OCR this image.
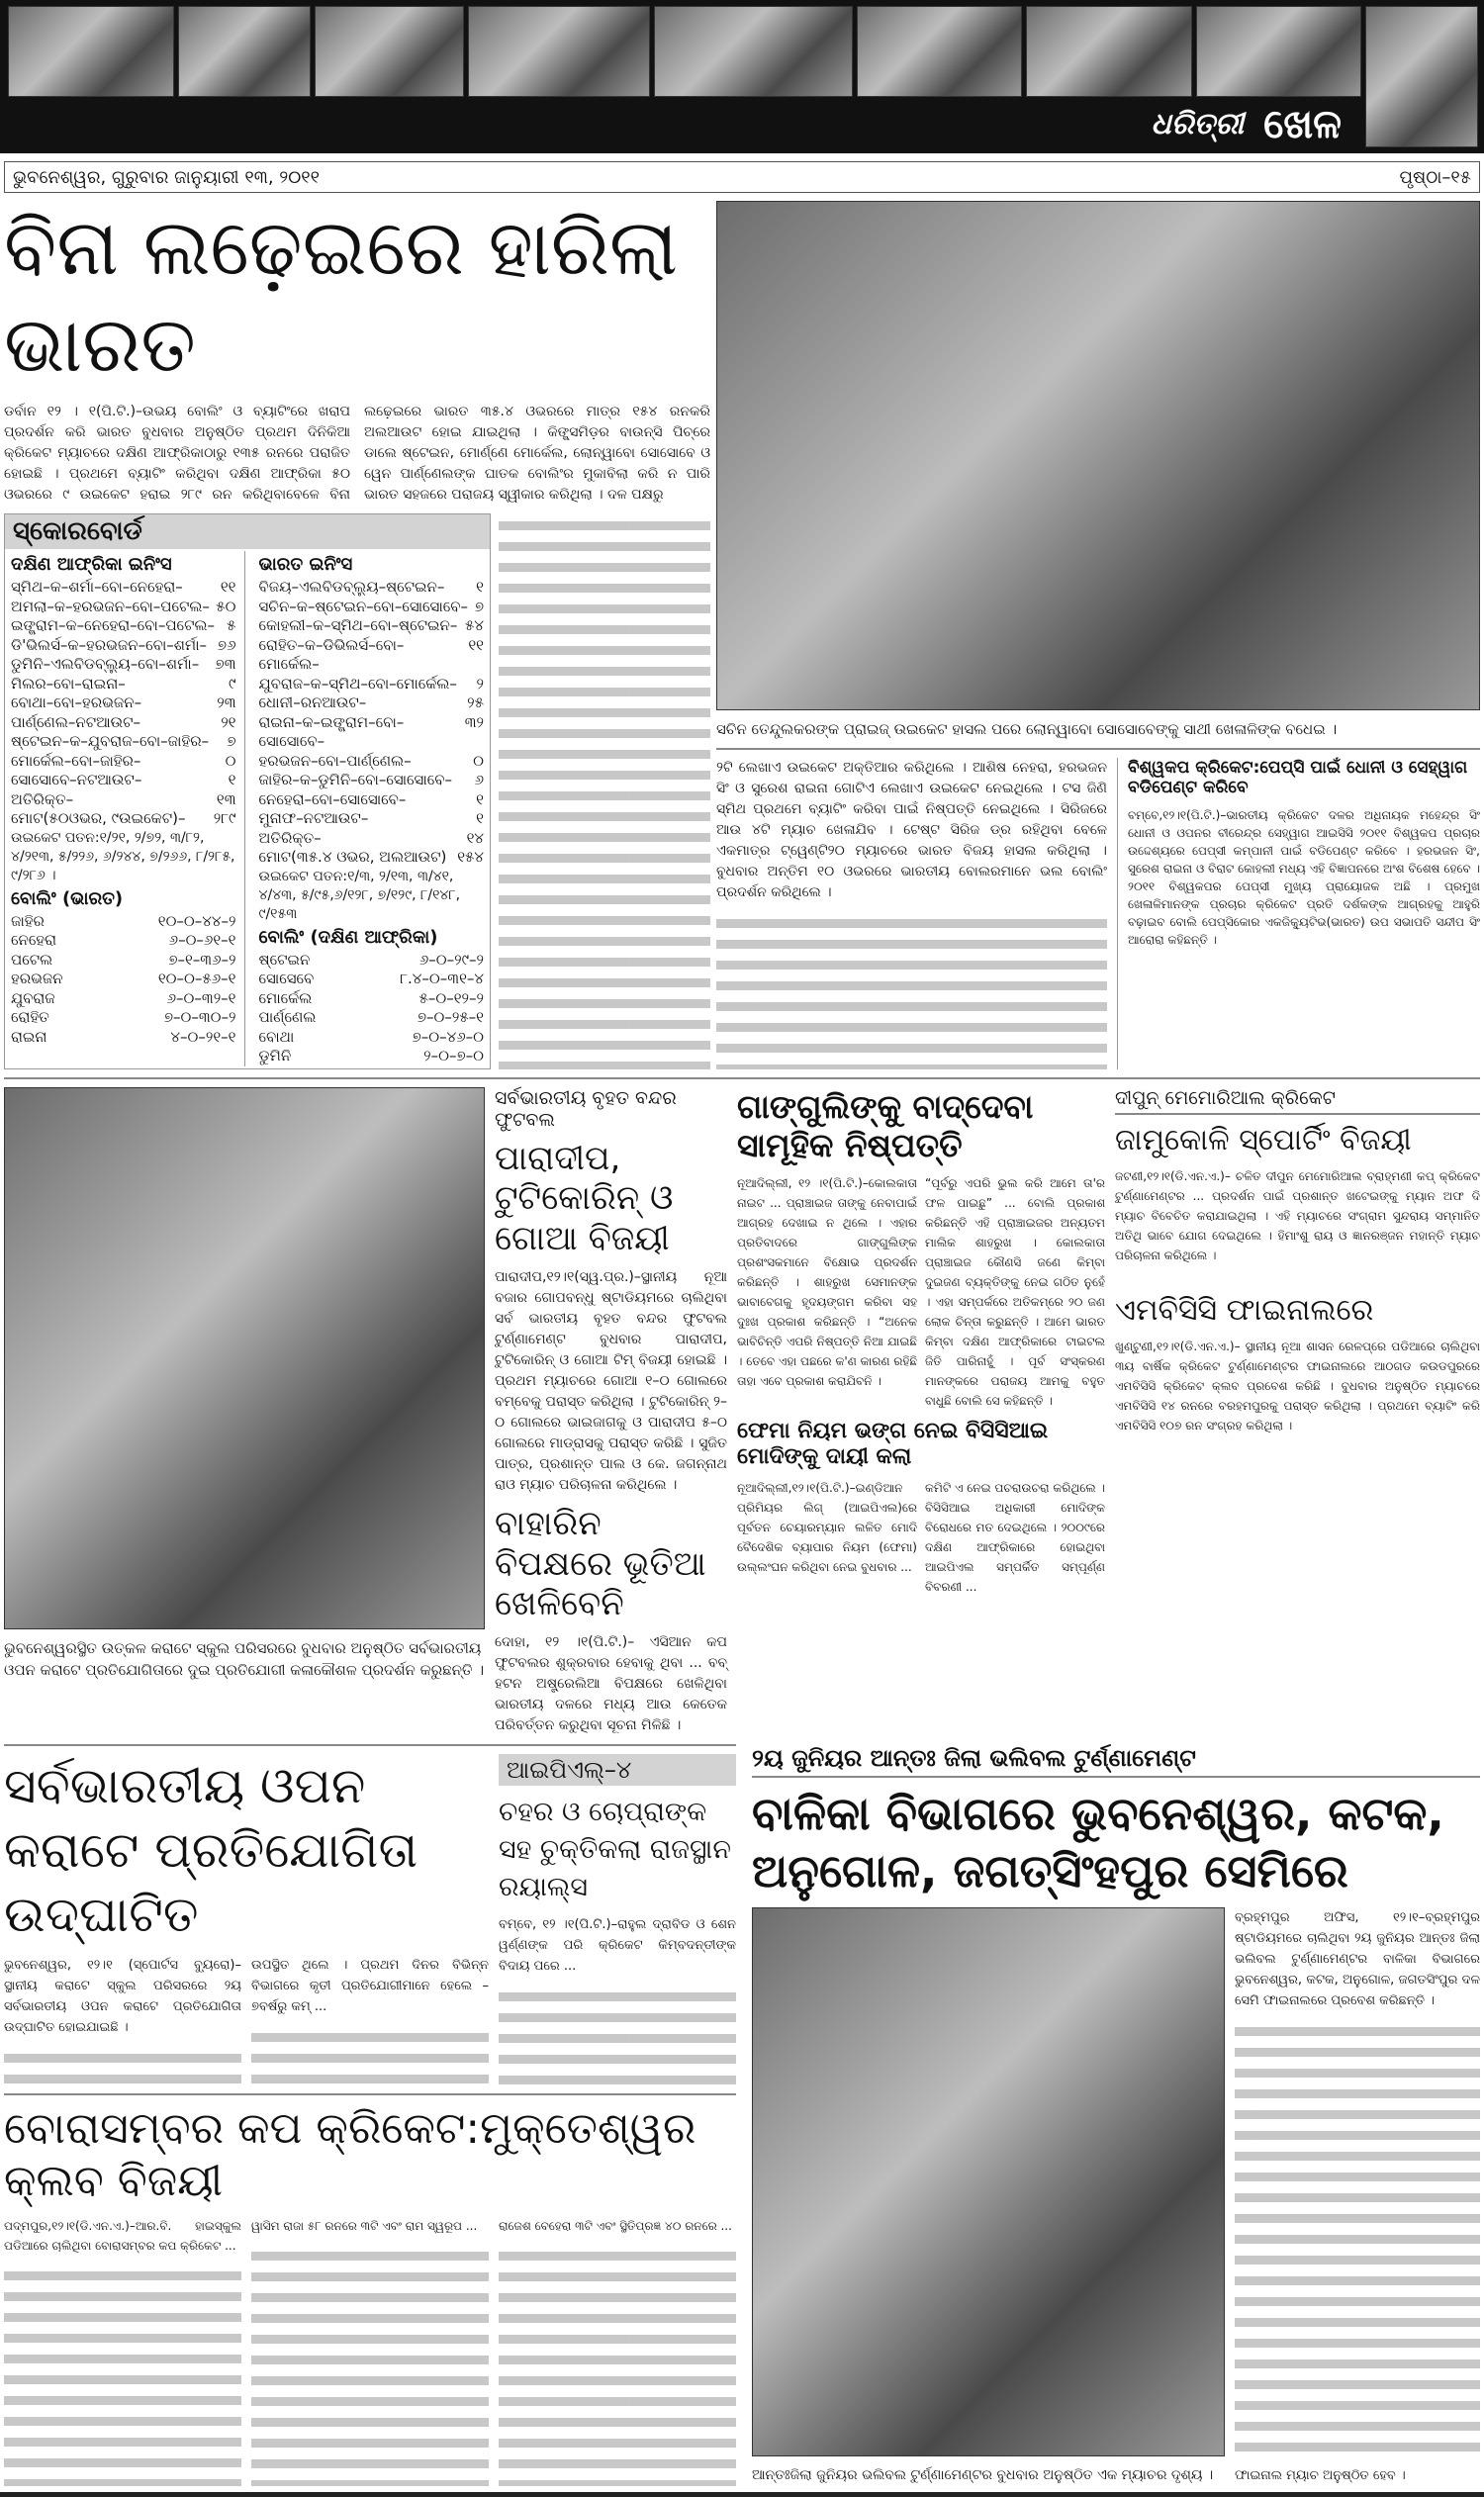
ଧରିତ୍ରୀ ଖେଳ
ଭୁବନେଶ୍ୱର, ଗୁରୁବାର ଜାନୁୟାରୀ ୧୩, ୨୦୧୧	ପୃଷ୍ଠା–୧୫
ବିନା ଲଢ଼େଇରେ ହାରିଲା ଭାରତ
ଡର୍ବାନ ୧୨ । ୧(ପି.ଟି.)–ଉଭୟ ବୋଲିଂ ଓ ବ୍ୟାଟିଂରେ ଖରାପ ପ୍ରଦର୍ଶନ କରି ଭାରତ ବୁଧବାର ଅନୁଷ୍ଠିତ ପ୍ରଥମ ଦିନିକିଆ କ୍ରିକେଟ ମ୍ୟାଚରେ ଦକ୍ଷିଣ ଆଫ୍ରିକାଠାରୁ ୧୩୫ ରନରେ ପରାଜିତ ହୋଇଛି । ପ୍ରଥମେ ବ୍ୟାଟିଂ କରିଥିବା ଦକ୍ଷିଣ ଆଫ୍ରିକା ୫୦ ଓଭରରେ ୯ ଉଇକେଟ ହରାଇ ୨୮୯ ରନ କରିଥିବାବେଳେ ବିନା ଲଢ଼େଇରେ ଭାରତ ୩୫.୪ ଓଭରରେ ମାତ୍ର ୧୫୪ ରନକରି ଅଲଆଉଟ ହୋଇ ଯାଇଥିଲା । କିଙ୍ଗ୍ସମିଡ଼ର ବାଉନ୍ସି ପିଚ୍‌ରେ ଡାଲେ ଷ୍ଟେଇନ, ମୋର୍ଣ୍ଣେ ମୋର୍କେଲ, ଲୋନ୍‌ୱାବୋ ସୋସୋବେ ଓ ୱେନ ପାର୍ଣ୍ଣେଲଙ୍କ ଘାତକ ବୋଲିଂର ମୁକାବିଲା କରି ନ ପାରି ଭାରତ ସହଜରେ ପରାଜୟ ସ୍ୱୀକାର କରିଥିଲା । ଦଳ ପକ୍ଷରୁ
ସ୍କୋରବୋର୍ଡ
ଦକ୍ଷିଣ ଆଫ୍ରିକା ଇନିଂସ
ସ୍ମିଥ–କ–ଶର୍ମା–ବୋ–ନେହେରା–	୧୧
ଅମଲା–କ–ହରଭଜନ–ବୋ–ପଟେଲ– ୫୦
ଇଙ୍ଗ୍ରାମ–କ–ନେହେରା–ବୋ–ପଟେଲ– ୫
ଡି'ଭିଲର୍ସ–କ–ହରଭଜନ–ବୋ–ଶର୍ମା– ୭୬
ଡୁମିନି–ଏଲବିଡବ୍ଲ୍ୟୁ–ବୋ–ଶର୍ମା– ୭୩
ମିଲର–ବୋ–ରାଇନା–	୯
ବୋଥା–ବୋ–ହରଭଜନ–	୨୩
ପାର୍ଣ୍ଣେଲ–ନଟଆଉଟ–	୨୧
ଷ୍ଟେଇନ–କ–ଯୁବରାଜ–ବୋ–ଜାହିର– ୭
ମୋର୍କେଲ–ବୋ–ଜାହିର–	୦
ସୋସୋବେ–ନଟଆଉଟ–	୧
ଅତିରିକ୍ତ–	୧୩
ମୋଟ(୫୦ଓଭର, ୯ଉଇକେଟ)– ୨୮୯
ଉଇକେଟ ପତନ:୧/୨୧, ୨/୭୨, ୩/୮୨, ୪/୨୧୩, ୫/୨୨୬, ୬/୨୪୪, ୭/୨୬୬, ୮/୨୮୫, ୯/୨୮୬ ।
ବୋଲିଂ (ଭାରତ)
ଜାହିର	୧୦–୦–୪୪–୨
ନେହେରା	୬–୦–୬୧–୧
ପଟେଲ	୭–୧–୩୬–୨
ହରଭଜନ	୧୦–୦–୫୬–୧
ଯୁବରାଜ	୬–୦–୩୨–୧
ରୋହିତ	୭–୦–୩୦–୨
ରାଇନା	୪–୦–୨୧–୧
ଭାରତ ଇନିଂସ
ବିଜୟ–ଏଲବିଡବ୍ଲ୍ୟୁ–ଷ୍ଟେଇନ– ୧
ସଚିନ–କ–ଷ୍ଟେଇନ–ବୋ–ସୋସୋବେ– ୭
କୋହଲୀ–କ–ସ୍ମିଥ–ବୋ–ଷ୍ଟେଇନ– ୫୪
ରୋହିତ–କ–ଡିଭିଲର୍ସ–ବୋ–ମୋର୍କେଲ–
୧୧
ଯୁବରାଜ–କ–ସ୍ମିଥ–ବୋ–ମୋର୍କେଲ– ୨
ଧୋନୀ–ରନଆଉଟ–	୨୫
ରାଇନା–କ–ଇଙ୍ଗ୍ରାମ–ବୋ–ସୋସୋବେ–
୩୨
ହରଭଜନ–ବୋ–ପାର୍ଣ୍ଣେଲ–	୦
ଜାହିର–କ–ଡୁମିନି–ବୋ–ସୋସୋବେ– ୬
ନେହେରା–ବୋ–ସୋସୋବେ–	୧
ମୁନାଫ–ନଟଆଉଟ–	୧
ଅତିରିକ୍ତ–	୧୪
ମୋଟ(୩୫.୪ ଓଭର, ଅଲଆଉଟ) ୧୫୪
ଉଇକେଟ ପତନ:୧/୩, ୨/୧୩, ୩/୪୧, ୪/୪୩, ୫/୯୫,୬/୧୨୮, ୭/୧୨୯, ୮/୧୪୮, ୯/୧୫୩
ବୋଲିଂ (ଦକ୍ଷିଣ ଆଫ୍ରିକା)
ଷ୍ଟେଇନ	୬–୦–୨୯–୨
ସୋସେବେ	୮.୪–୦–୩୧–୪
ମୋର୍କେଲ	୫–୦–୧୨–୨
ପାର୍ଣ୍ଣେଲ	୭–୦–୨୫–୧
ବୋଥା	୭–୦–୪୬–୦
ଡୁମିନି	୨–୦–୭–୦
ସଚିନ ତେନ୍ଦୁଲକରଙ୍କ ପ୍ରାଇଜ୍ ଉଇକେଟ ହାସଲ ପରେ ଲୋନ୍‌ୱାବୋ ସୋସୋବେଙ୍କୁ ସାଥୀ ଖେଳାଳିଙ୍କ ବଧେଇ ।
୨ଟି ଲେଖାଏ ଉଇକେଟ ଅକ୍ତିଆର କରିଥିଲେ । ଆଶିଷ ନେହରା, ହରଭଜନ ସିଂ ଓ ସୁରେଶ ରାଇନା ଗୋଟିଏ ଲେଖାଏ ଉଇକେଟ ନେଇଥିଲେ । ଟସ ଜିଣି ସ୍ମିଥ ପ୍ରଥମେ ବ୍ୟାଟିଂ କରିବା ପାଇଁ ନିଷ୍ପତ୍ତି ନେଇଥିଲେ । ସିରିଜରେ ଆଉ ୪ଟି ମ୍ୟାଚ ଖେଳାଯିବ । ଟେଷ୍ଟ ସିରିଜ ଡ୍ର ରହିଥିବା ବେଳେ ଏକମାତ୍ର ଟ୍ୱେଣ୍ଟି୨୦ ମ୍ୟାଚରେ ଭାରତ ବିଜୟ ହାସଲ କରିଥିଲା । ବୁଧବାର ଅନ୍ତିମ ୧୦ ଓଭରରେ ଭାରତୀୟ ବୋଲରମାନେ ଭଲ ବୋଲିଂ ପ୍ରଦର୍ଶନ କରିଥିଲେ ।
ବିଶ୍ୱକପ କ୍ରିକେଟ:ପେପ୍‌ସି ପାଇଁ ଧୋନୀ ଓ ସେହ୍ୱାଗ ବଡିପେଣ୍ଟ କରିବେ
ବମ୍ବେ,୧୨।୧(ପି.ଟି.)–ଭାରତୀୟ କ୍ରିକେଟ ଦଳର ଅଧିନାୟକ ମହେନ୍ଦ୍ର ସିଂ ଧୋନୀ ଓ ଓପନର ବୀରେନ୍ଦ୍ର ସେହ୍ୱାଗ ଆଇସିସି ୨୦୧୧ ବିଶ୍ୱକପ ପ୍ରଚାର ଉଦ୍ଦେଶ୍ୟରେ ପେପ୍‌ସୀ କମ୍ପାନୀ ପାଇଁ ବଡିପେଣ୍ଟ କରିବେ । ହରଭଜନ ସିଂ, ସୁରେଶ ରାଇନା ଓ ବିରାଟ କୋହଲୀ ମଧ୍ୟ ଏହି ବିଜ୍ଞାପନରେ ଅଂଶ ବିଶେଷ ହେବେ । ୨୦୧୧ ବିଶ୍ୱକପର ପେପ୍‌ସୀ ମୁଖ୍ୟ ପ୍ରାୟୋଜକ ଅଛି । ପ୍ରମୁଖ ଖେଳାଳିମାନଙ୍କ ପ୍ରଚାର କ୍ରିକେଟ ପ୍ରତି ଦର୍ଶକଙ୍କ ଆଗ୍ରହକୁ ଆହୁରି ବଢ଼ାଇବ ବୋଲି ପେପ୍‌ସିକୋର ଏକଜିକ୍ୟୁଟିଭ(ଭାରତ) ଉପ ସଭାପତି ସନ୍ଦୀପ ସିଂ ଆରୋରା କହିଛନ୍ତି ।
ଭୁବନେଶ୍ୱରସ୍ଥିତ ଉତ୍କଳ କରାଟେ ସ୍କୁଲ ପରିସରରେ ବୁଧବାର ଅନୁଷ୍ଠିତ ସର୍ବଭାରତୀୟ ଓପନ କରାଟେ ପ୍ରତିଯୋଗିତାରେ ଦୁଇ ପ୍ରତିଯୋଗୀ କଳାକୌଶଳ ପ୍ରଦର୍ଶନ କରୁଛନ୍ତି ।
ସର୍ବଭାରତୀୟ ବୃହତ ବନ୍ଦର ଫୁଟବଲ
ପାରାଦୀପ, ଟୁଟିକୋରିନ୍ ଓ ଗୋଆ ବିଜୟୀ
ପାରାଦୀପ,୧୨।୧(ସ୍ୱ.ପ୍ର.)–ସ୍ଥାନୀୟ ନୂଆ ବଜାର ଗୋପବନ୍ଧୁ ଷ୍ଟାଡିୟମରେ ଚାଲିଥିବା ସର୍ବ ଭାରତୀୟ ବୃହତ ବନ୍ଦର ଫୁଟବଲ ଟୁର୍ଣ୍ଣାମେଣ୍ଟ ବୁଧବାର ପାରାଦୀପ, ଟୁଟିକୋରିନ୍ ଓ ଗୋଆ ଟିମ୍ ବିଜୟୀ ହୋଇଛି । ପ୍ରଥମ ମ୍ୟାଚରେ ଗୋଆ ୧–୦ ଗୋଲରେ ବମ୍ବେକୁ ପରାସ୍ତ କରିଥିଲା । ଟୁଟିକୋରିନ୍ ୨–୦ ଗୋଲରେ ଭାଇଜାଗକୁ ଓ ପାରାଦୀପ ୫–୦ ଗୋଲରେ ମାଡ୍ରାସକୁ ପରାସ୍ତ କରିଛି । ସୁଜିତ ପାତ୍ର, ପ୍ରଶାନ୍ତ ପାଲ ଓ କେ. ଜଗନ୍ନାଥ ରାଓ ମ୍ୟାଚ ପରିଚାଳନା କରିଥିଲେ ।
ବାହାରିନ ବିପକ୍ଷରେ ଭୂତିଆ ଖେଳିବେନି
ଦୋହା, ୧୨ ।୧(ପି.ଟି.)– ଏସିଆନ କପ ଫୁଟବଲର ଶୁକ୍ରବାର ହେବାକୁ ଥିବା ... ବବ୍ ହଟନ ଅଷ୍ଟ୍ରେଲିଆ ବିପକ୍ଷରେ ଖେଳିଥିବା ଭାରତୀୟ ଦଳରେ ମଧ୍ୟ ଆଉ କେତେକ ପରିବର୍ତ୍ତନ କରୁଥିବା ସୂଚନା ମିଳିଛି ।
ଗାଙ୍ଗୁଲିଙ୍କୁ ବାଦ୍‌ଦେବା ସାମୂହିକ ନିଷ୍ପତ୍ତି
ନୂଆଦିଲ୍ଲୀ, ୧୨ ।୧(ପି.ଟି.)–କୋଲକାତା ନାଇଟ ... ପ୍ରାଞ୍ଚାଇଜ ତାଙ୍କୁ ନେବାପାଇଁ ଆଗ୍ରହ ଦେଖାଇ ନ ଥିଲେ । ଏହାର ପ୍ରତିବାଦରେ ଗାଙ୍ଗୁଲିଙ୍କ ପ୍ରଶଂସକମାନେ ବିକ୍ଷୋଭ ପ୍ରଦର୍ଶନ କରିଛନ୍ତି । ଶାହରୁଖ ସେମାନଙ୍କ ଭାବାବେଗକୁ ହୃଦୟଙ୍ଗମ କରିବା ସହ ଦୁଃଖ ପ୍ରକାଶ କରିଛନ୍ତି । “ଅନେକ ଭାବିଚିନ୍ତି ଏପରି ନିଷ୍ପତ୍ତି ନିଆ ଯାଇଛି । ତେବେ ଏହା ପଛରେ କ'ଣ କାରଣ ରହିଛି ତାହା ଏବେ ପ୍ରକାଶ କରାଯିବନି ।
“ପୂର୍ବରୁ ଏପରି ଭୁଲ କରି ଆମେ ତା'ର ଫଳ ପାଇଛୁ” ... ବୋଲି ପ୍ରକାଶ କରିଛନ୍ତି ଏହି ପ୍ରାଞ୍ଚାଇଜର ଅନ୍ୟତମ ମାଲିକ ଶାହରୁଖ । କୋଲକାତା ପ୍ରାଞ୍ଚାଇଜ କୌଣସି ଜଣେ କିମ୍ବା ଦୁଇଜଣ ବ୍ୟକ୍ତିଙ୍କୁ ନେଇ ଗଠିତ ନୁହେଁ । ଏହା ସମ୍ପର୍କରେ ଅତିକମ୍‌ରେ ୨୦ ଜଣ ଲୋକ ଚିନ୍ତା କରୁଛନ୍ତି । ଆମେ ଭାରତ କିମ୍ବା ଦକ୍ଷିଣ ଆଫ୍ରିକାରେ ଟାଇଟଲ ଜିତି ପାରିନାହୁଁ । ପୂର୍ବ ସଂସ୍କରଣ ମାନଙ୍କରେ ପରାଜୟ ଆମକୁ ବହୁତ ବାଧୁଛି ବୋଲି ସେ କହିଛନ୍ତି ।
ଫେମା ନିୟମ ଭଙ୍ଗ ନେଇ ବିସିସିଆଇ ମୋଦିଙ୍କୁ ଦାୟୀ କଲା
ନୂଆଦିଲ୍ଲୀ,୧୨।୧(ପି.ଟି.)–ଇଣ୍ଡିଆନ ପ୍ରିମିୟର ଲିଗ୍ (ଆଇପିଏଲ)ରେ ପୂର୍ବତନ ଚେୟାରମ୍ୟାନ ଲଳିତ ମୋଦି ବୈଦେଶିକ ବ୍ୟାପାର ନିୟମ (ଫେମା) ଉଲ୍ଲଂଘନ କରିଥିବା ନେଇ ବୁଧବାର ...
କମିଟି ଏ ନେଇ ପଚରାଉଚରା କରିଥିଲେ । ବିସିସିଆଇ ଅଧିକାରୀ ମୋଦିଙ୍କ ବିରୋଧରେ ମତ ଦେଇଥିଲେ । ୨୦୦୯ରେ ଦକ୍ଷିଣ ଆଫ୍ରିକାରେ ହୋଇଥିବା ଆଇପିଏଲ ସମ୍ପର୍କିତ ସମ୍ପୂର୍ଣ୍ଣ ବିବରଣୀ ...
ଦୀପୁନ୍ ମେମୋରିଆଲ କ୍ରିକେଟ
ଜାମୁକୋଳି ସ୍ପୋର୍ଟିଂ ବିଜୟୀ
ଜଟଣୀ,୧୨।୧(ଡି.ଏନ.ଏ.)– ଚଳିତ ଦୀପୁନ ମେମୋରିଆଲ ବ୍ରାହ୍ମଣୀ କପ୍ କ୍ରିକେଟ ଟୁର୍ଣ୍ଣାମେଣ୍ଟର ... ପ୍ରଦର୍ଶନ ପାଇଁ ପ୍ରଶାନ୍ତ ଖଟେଇଙ୍କୁ ମ୍ୟାନ ଅଫ ଦି ମ୍ୟାଚ ବିବେଚିତ କରାଯାଇଥିଲା । ଏହି ମ୍ୟାଚରେ ସଂଗ୍ରାମ ସୁନ୍ଦରାୟ ସମ୍ମାନିତ ଅତିଥି ଭାବେ ଯୋଗ ଦେଇଥିଲେ । ହିମାଂଶୁ ରାୟ ଓ ଜ୍ଞାନରଞ୍ଜନ ମହାନ୍ତି ମ୍ୟାଚ ପରିଚାଳନା କରିଥିଲେ ।
ଏମବିସିସି ଫାଇନାଲରେ
ଖୁଣ୍ଟୁଣୀ,୧୨।୧(ଡି.ଏନ.ଏ.)– ସ୍ଥାନୀୟ ନୂଆ ଶାସନ ରେଳପ୍ରେ ପଡିଆରେ ଚାଲିଥିବା ୩ୟ ବାର୍ଷିକ କ୍ରିକେଟ ଟୁର୍ଣ୍ଣାମେଣ୍ଟର ଫାଇନାଲରେ ଆଠଗଡ କଉଡପୁରରେ ଏମବିସିସି କ୍ରିକେଟ କ୍ଲବ ପ୍ରବେଶ କରିଛି । ବୁଧବାର ଅନୁଷ୍ଠିତ ମ୍ୟାଚରେ ଏମବିସିସି ୧୪ ରନରେ ବରହମପୁରକୁ ପରାସ୍ତ କରିଥିଲା । ପ୍ରଥମେ ବ୍ୟାଟିଂ କରି ଏମବିସିସି ୧୦୭ ରନ ସଂଗ୍ରହ କରିଥିଲା ।
ସର୍ବଭାରତୀୟ ଓପନ କରାଟେ ପ୍ରତିଯୋଗିତା ଉଦ୍‌ଘାଟିତ
ଭୁବନେଶ୍ୱର, ୧୨।୧ (ସ୍ପୋର୍ଟସ ବ୍ୟୁରୋ)– ସ୍ଥାନୀୟ କରାଟେ ସ୍କୁଲ ପରିସରରେ ୨ୟ ସର୍ବଭାରତୀୟ ଓପନ କରାଟେ ପ୍ରତିଯୋଗିତା ଉଦ୍‌ଘାଟିତ ହୋଇଯାଇଛି ।
ଉପସ୍ଥିତ ଥିଲେ । ପ୍ରଥମ ଦିନର ବିଭିନ୍ନ ବିଭାଗରେ କୃତୀ ପ୍ରତିଯୋଗୀମାନେ ହେଲେ – ୭ବର୍ଷରୁ କମ୍ ...
ଆଇପିଏଲ୍–୪
ଚହର ଓ ଚୋପ୍ରାଙ୍କ ସହ ଚୁକ୍ତିକଲା ରାଜସ୍ଥାନ ରୟାଲ୍ସ
ବମ୍ବେ, ୧୨ ।୧(ପି.ଟି.)–ରାହୁଲ ଦ୍ରାବିଡ ଓ ଶେନ ୱର୍ଣ୍ଣଙ୍କ ପରି କ୍ରିକେଟ କିମ୍ବଦନ୍ତୀଙ୍କ ବିଦାୟ ପରେ ...
ବୋରାସମ୍ବର କପ କ୍ରିକେଟ:ମୁକ୍ତେଶ୍ୱର କ୍ଲବ ବିଜୟୀ
ପଦ୍ମପୁର,୧୨।୧(ଡି.ଏନ.ଏ.)–ଆର.ବି. ହାଇସ୍କୁଲ ପଡିଆରେ ଚାଲିଥିବା ବୋରାସମ୍ବର କପ କ୍ରିକେଟ ...
ୱାସିମ ରାଜା ୫୮ ରନରେ ୩ଟି ଏବଂ ରାମ ସ୍ୱରୂପ ...	ରାଜେଶ ବେହେରା ୩ଟି ଏବଂ ସ୍ଥିତିପ୍ରଜ୍ଞ ୪୦ ରନରେ ...
୨ୟ ଜୁନିୟର ଆନ୍ତଃ ଜିଲା ଭଲିବଲ ଟୁର୍ଣ୍ଣାମେଣ୍ଟ
ବାଳିକା ବିଭାଗରେ ଭୁବନେଶ୍ୱର, କଟକ, ଅନୁଗୋଳ, ଜଗତ୍‌ସିଂହପୁର ସେମିରେ
ଆନ୍ତଃଜିଲା ଜୁନିୟର ଭଲିବଲ ଟୁର୍ଣ୍ଣାମେଣ୍ଟର ବୁଧବାର ଅନୁଷ୍ଠିତ ଏକ ମ୍ୟାଚର ଦୃଶ୍ୟ ।
ବ୍ରହ୍ମପୁର ଅଫିସ, ୧୨।୧–ବ୍ରହ୍ମପୁର ଷ୍ଟାଡିୟମରେ ଚାଲିଥିବା ୨ୟ ଜୁନିୟର ଆନ୍ତଃ ଜିଲା ଭଲିବଲ ଟୁର୍ଣ୍ଣାମେଣ୍ଟର ବାଳିକା ବିଭାଗରେ ଭୁବନେଶ୍ୱର, କଟକ, ଅନୁଗୋଳ, ଜଗତସିଂପୁର ଦଳ ସେମି ଫାଇନାଲରେ ପ୍ରବେଶ କରିଛନ୍ତି ।
ଫାଇନାଲ ମ୍ୟାଚ ଅନୁଷ୍ଠିତ ହେବ ।
